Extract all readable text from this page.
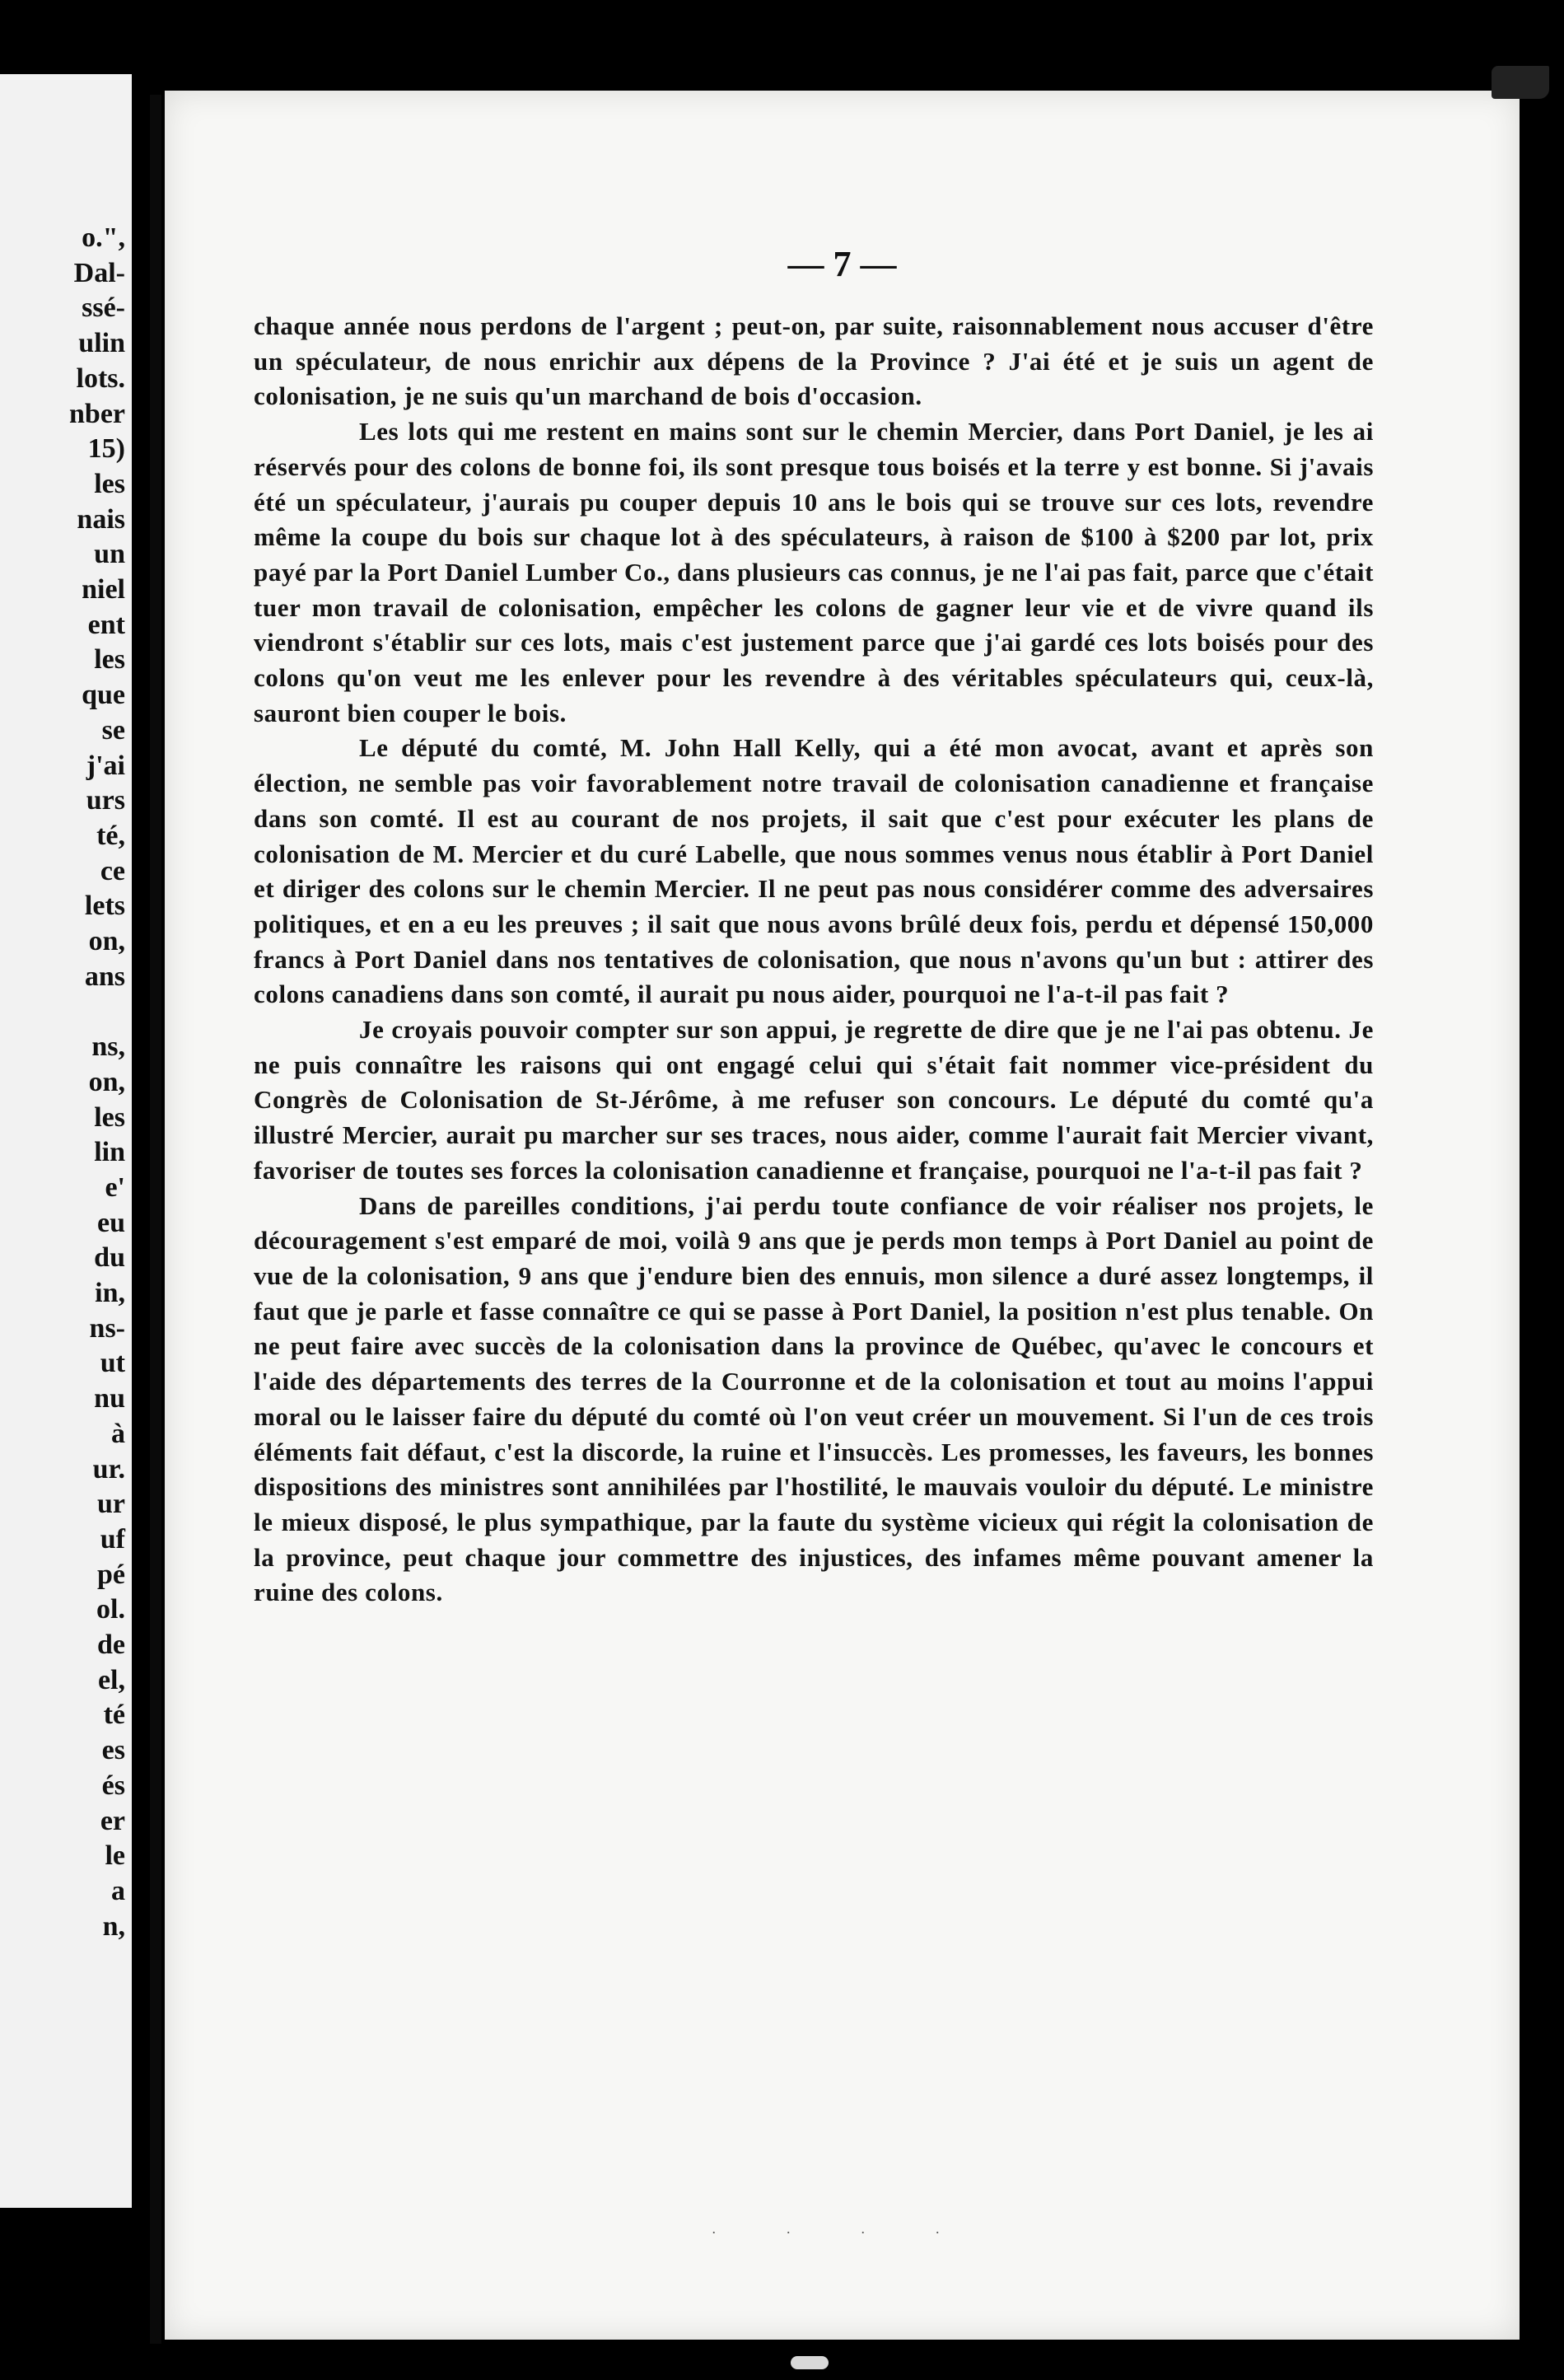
o.",
Dal-
ssé-
ulin
lots.
nber
15)
les
nais
un
niel
ent
les
que
se
j'ai
urs
té,
ce
lets
on,
ans
ns,
on,
les
lin
e'
eu
du
in,
ns-
ut
nu
à
ur.
ur
uf
pé
ol.
de
el,
té
es
és
er
le
a
n,
— 7 —

chaque année nous perdons de l'argent ; peut-on, par suite, raisonnablement nous accuser d'être un spéculateur, de nous enrichir aux dépens de la Province ? J'ai été et je suis un agent de colonisation, je ne suis qu'un marchand de bois d'occasion.

Les lots qui me restent en mains sont sur le chemin Mercier, dans Port Daniel, je les ai réservés pour des colons de bonne foi, ils sont presque tous boisés et la terre y est bonne. Si j'avais été un spéculateur, j'aurais pu couper depuis 10 ans le bois qui se trouve sur ces lots, revendre même la coupe du bois sur chaque lot à des spéculateurs, à raison de $100 à $200 par lot, prix payé par la Port Daniel Lumber Co., dans plusieurs cas connus, je ne l'ai pas fait, parce que c'était tuer mon travail de colonisation, empêcher les colons de gagner leur vie et de vivre quand ils viendront s'établir sur ces lots, mais c'est justement parce que j'ai gardé ces lots boisés pour des colons qu'on veut me les enlever pour les revendre à des véritables spéculateurs qui, ceux-là, sauront bien couper le bois.

Le député du comté, M. John Hall Kelly, qui a été mon avocat, avant et après son élection, ne semble pas voir favorablement notre travail de colonisation canadienne et française dans son comté. Il est au courant de nos projets, il sait que c'est pour exécuter les plans de colonisation de M. Mercier et du curé Labelle, que nous sommes venus nous établir à Port Daniel et diriger des colons sur le chemin Mercier. Il ne peut pas nous considérer comme des adversaires politiques, et en a eu les preuves ; il sait que nous avons brûlé deux fois, perdu et dépensé 150,000 francs à Port Daniel dans nos tentatives de colonisation, que nous n'avons qu'un but : attirer des colons canadiens dans son comté, il aurait pu nous aider, pourquoi ne l'a-t-il pas fait ?

Je croyais pouvoir compter sur son appui, je regrette de dire que je ne l'ai pas obtenu. Je ne puis connaître les raisons qui ont engagé celui qui s'était fait nommer vice-président du Congrès de Colonisation de St-Jérôme, à me refuser son concours. Le député du comté qu'a illustré Mercier, aurait pu marcher sur ses traces, nous aider, comme l'aurait fait Mercier vivant, favoriser de toutes ses forces la colonisation canadienne et française, pourquoi ne l'a-t-il pas fait ?

Dans de pareilles conditions, j'ai perdu toute confiance de voir réaliser nos projets, le découragement s'est emparé de moi, voilà 9 ans que je perds mon temps à Port Daniel au point de vue de la colonisation, 9 ans que j'endure bien des ennuis, mon silence a duré assez longtemps, il faut que je parle et fasse connaître ce qui se passe à Port Daniel, la position n'est plus tenable. On ne peut faire avec succès de la colonisation dans la province de Québec, qu'avec le concours et l'aide des départements des terres de la Courronne et de la colonisation et tout au moins l'appui moral ou le laisser faire du député du comté où l'on veut créer un mouvement. Si l'un de ces trois éléments fait défaut, c'est la discorde, la ruine et l'insuccès. Les promesses, les faveurs, les bonnes dispositions des ministres sont annihilées par l'hostilité, le mauvais vouloir du député. Le ministre le mieux disposé, le plus sympathique, par la faute du système vicieux qui régit la colonisation de la province, peut chaque jour commettre des injustices, des infames même pouvant amener la ruine des colons.

· · · ·
